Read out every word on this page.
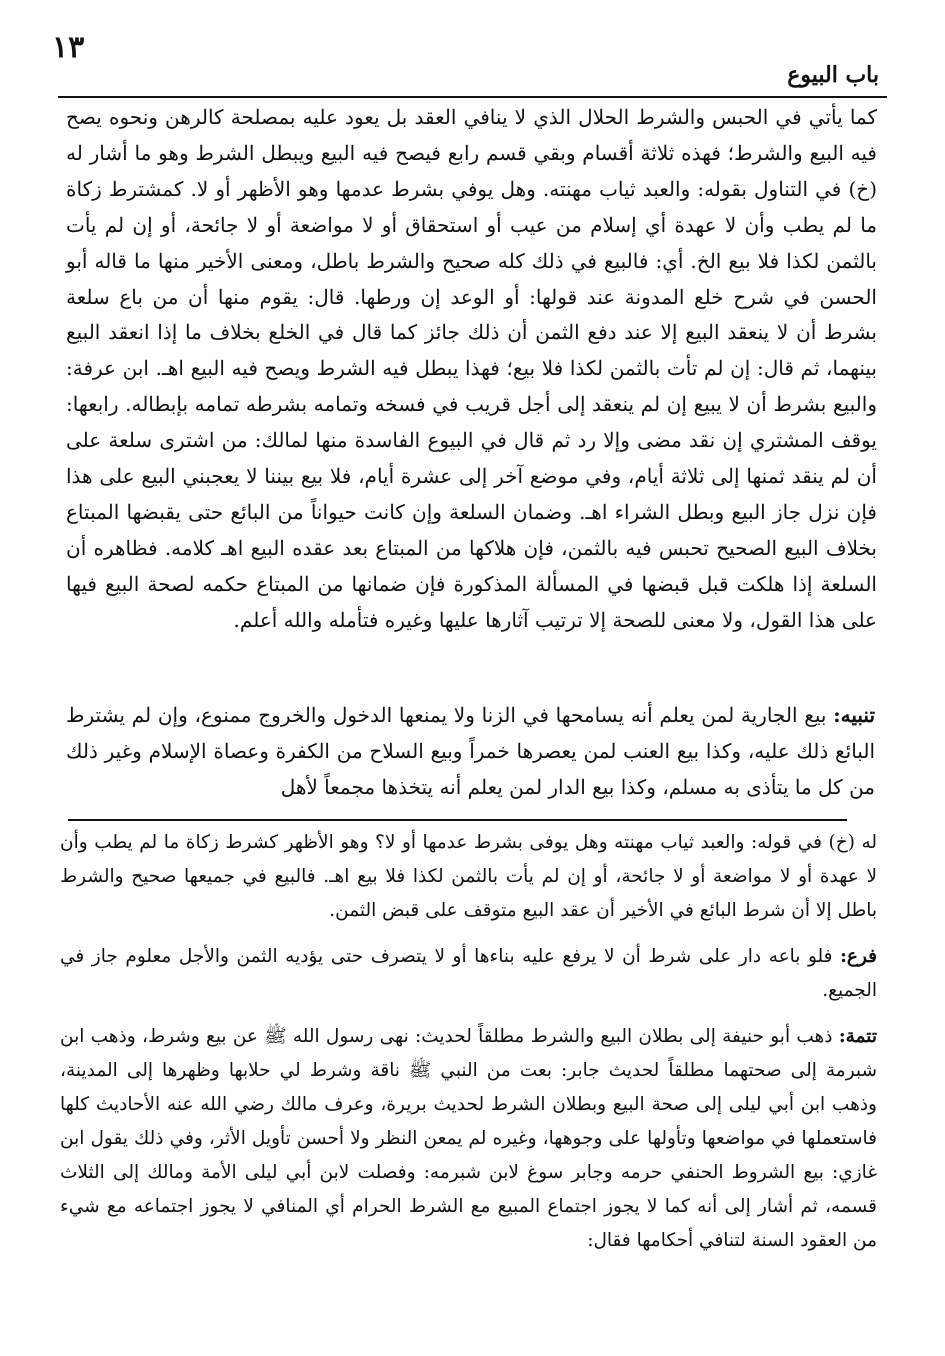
١٣
باب البيوع

كما يأتي في الحبس والشرط الحلال الذي لا ينافي العقد بل يعود عليه بمصلحة كالرهن ونحوه يصح فيه البيع والشرط؛ فهذه ثلاثة أقسام وبقي قسم رابع فيصح فيه البيع ويبطل الشرط وهو ما أشار له (خ) في التناول بقوله: والعبد ثياب مهنته. وهل يوفي بشرط عدمها وهو الأظهر أو لا. كمشترط زكاة ما لم يطب وأن لا عهدة أي إسلام من عيب أو استحقاق أو لا مواضعة أو لا جائحة، أو إن لم يأت بالثمن لكذا فلا بيع الخ. أي: فالبيع في ذلك كله صحيح والشرط باطل، ومعنى الأخير منها ما قاله أبو الحسن في شرح خلع المدونة عند قولها: أو الوعد إن ورطها. قال: يقوم منها أن من باع سلعة بشرط أن لا ينعقد البيع إلا عند دفع الثمن أن ذلك جائز كما قال في الخلع بخلاف ما إذا انعقد البيع بينهما، ثم قال: إن لم تأت بالثمن لكذا فلا بيع؛ فهذا يبطل فيه الشرط ويصح فيه البيع اهـ. ابن عرفة: والبيع بشرط أن لا يبيع إن لم ينعقد إلى أجل قريب في فسخه وتمامه بشرطه تمامه بإبطاله. رابعها: يوقف المشتري إن نقد مضى وإلا رد ثم قال في البيوع الفاسدة منها لمالك: من اشترى سلعة على أن لم ينقد ثمنها إلى ثلاثة أيام، وفي موضع آخر إلى عشرة أيام، فلا بيع بيننا لا يعجبني البيع على هذا فإن نزل جاز البيع وبطل الشراء اهـ. وضمان السلعة وإن كانت حيواناً من البائع حتى يقبضها المبتاع بخلاف البيع الصحيح تحبس فيه بالثمن، فإن هلاكها من المبتاع بعد عقده البيع اهـ كلامه. فظاهره أن السلعة إذا هلكت قبل قبضها في المسألة المذكورة فإن ضمانها من المبتاع حكمه لصحة البيع فيها على هذا القول، ولا معنى للصحة إلا ترتيب آثارها عليها وغيره فتأمله والله أعلم.

تنبيه: بيع الجارية لمن يعلم أنه يسامحها في الزنا ولا يمنعها الدخول والخروج ممنوع، وإن لم يشترط البائع ذلك عليه، وكذا بيع العنب لمن يعصرها خمراً وبيع السلاح من الكفرة وعصاة الإسلام وغير ذلك من كل ما يتأذى به مسلم، وكذا بيع الدار لمن يعلم أنه يتخذها مجمعاً لأهل

له (خ) في قوله: والعبد ثياب مهنته وهل يوفى بشرط عدمها أو لا؟ وهو الأظهر كشرط زكاة ما لم يطب وأن لا عهدة أو لا مواضعة أو لا جائحة، أو إن لم يأت بالثمن لكذا فلا بيع اهـ. فالبيع في جميعها صحيح والشرط باطل إلا أن شرط البائع في الأخير أن عقد البيع متوقف على قبض الثمن.

فرع: فلو باعه دار على شرط أن لا يرفع عليه بناءها أو لا يتصرف حتى يؤديه الثمن والأجل معلوم جاز في الجميع.

تتمة: ذهب أبو حنيفة إلى بطلان البيع والشرط مطلقاً لحديث: نهى رسول الله ﷺ عن بيع وشرط، وذهب ابن شبرمة إلى صحتهما مطلقاً لحديث جابر: بعت من النبي ﷺ ناقة وشرط لي حلابها وظهرها إلى المدينة، وذهب ابن أبي ليلى إلى صحة البيع وبطلان الشرط لحديث بريرة، وعرف مالك رضي الله عنه الأحاديث كلها فاستعملها في مواضعها وتأولها على وجوهها، وغيره لم يمعن النظر ولا أحسن تأويل الأثر، وفي ذلك يقول ابن غازي: بيع الشروط الحنفي حرمه وجابر سوغ لابن شبرمه: وفصلت لابن أبي ليلى الأمة ومالك إلى الثلاث قسمه، ثم أشار إلى أنه كما لا يجوز اجتماع المبيع مع الشرط الحرام أي المنافي لا يجوز اجتماعه مع شيء من العقود السنة لتنافي أحكامها فقال:
